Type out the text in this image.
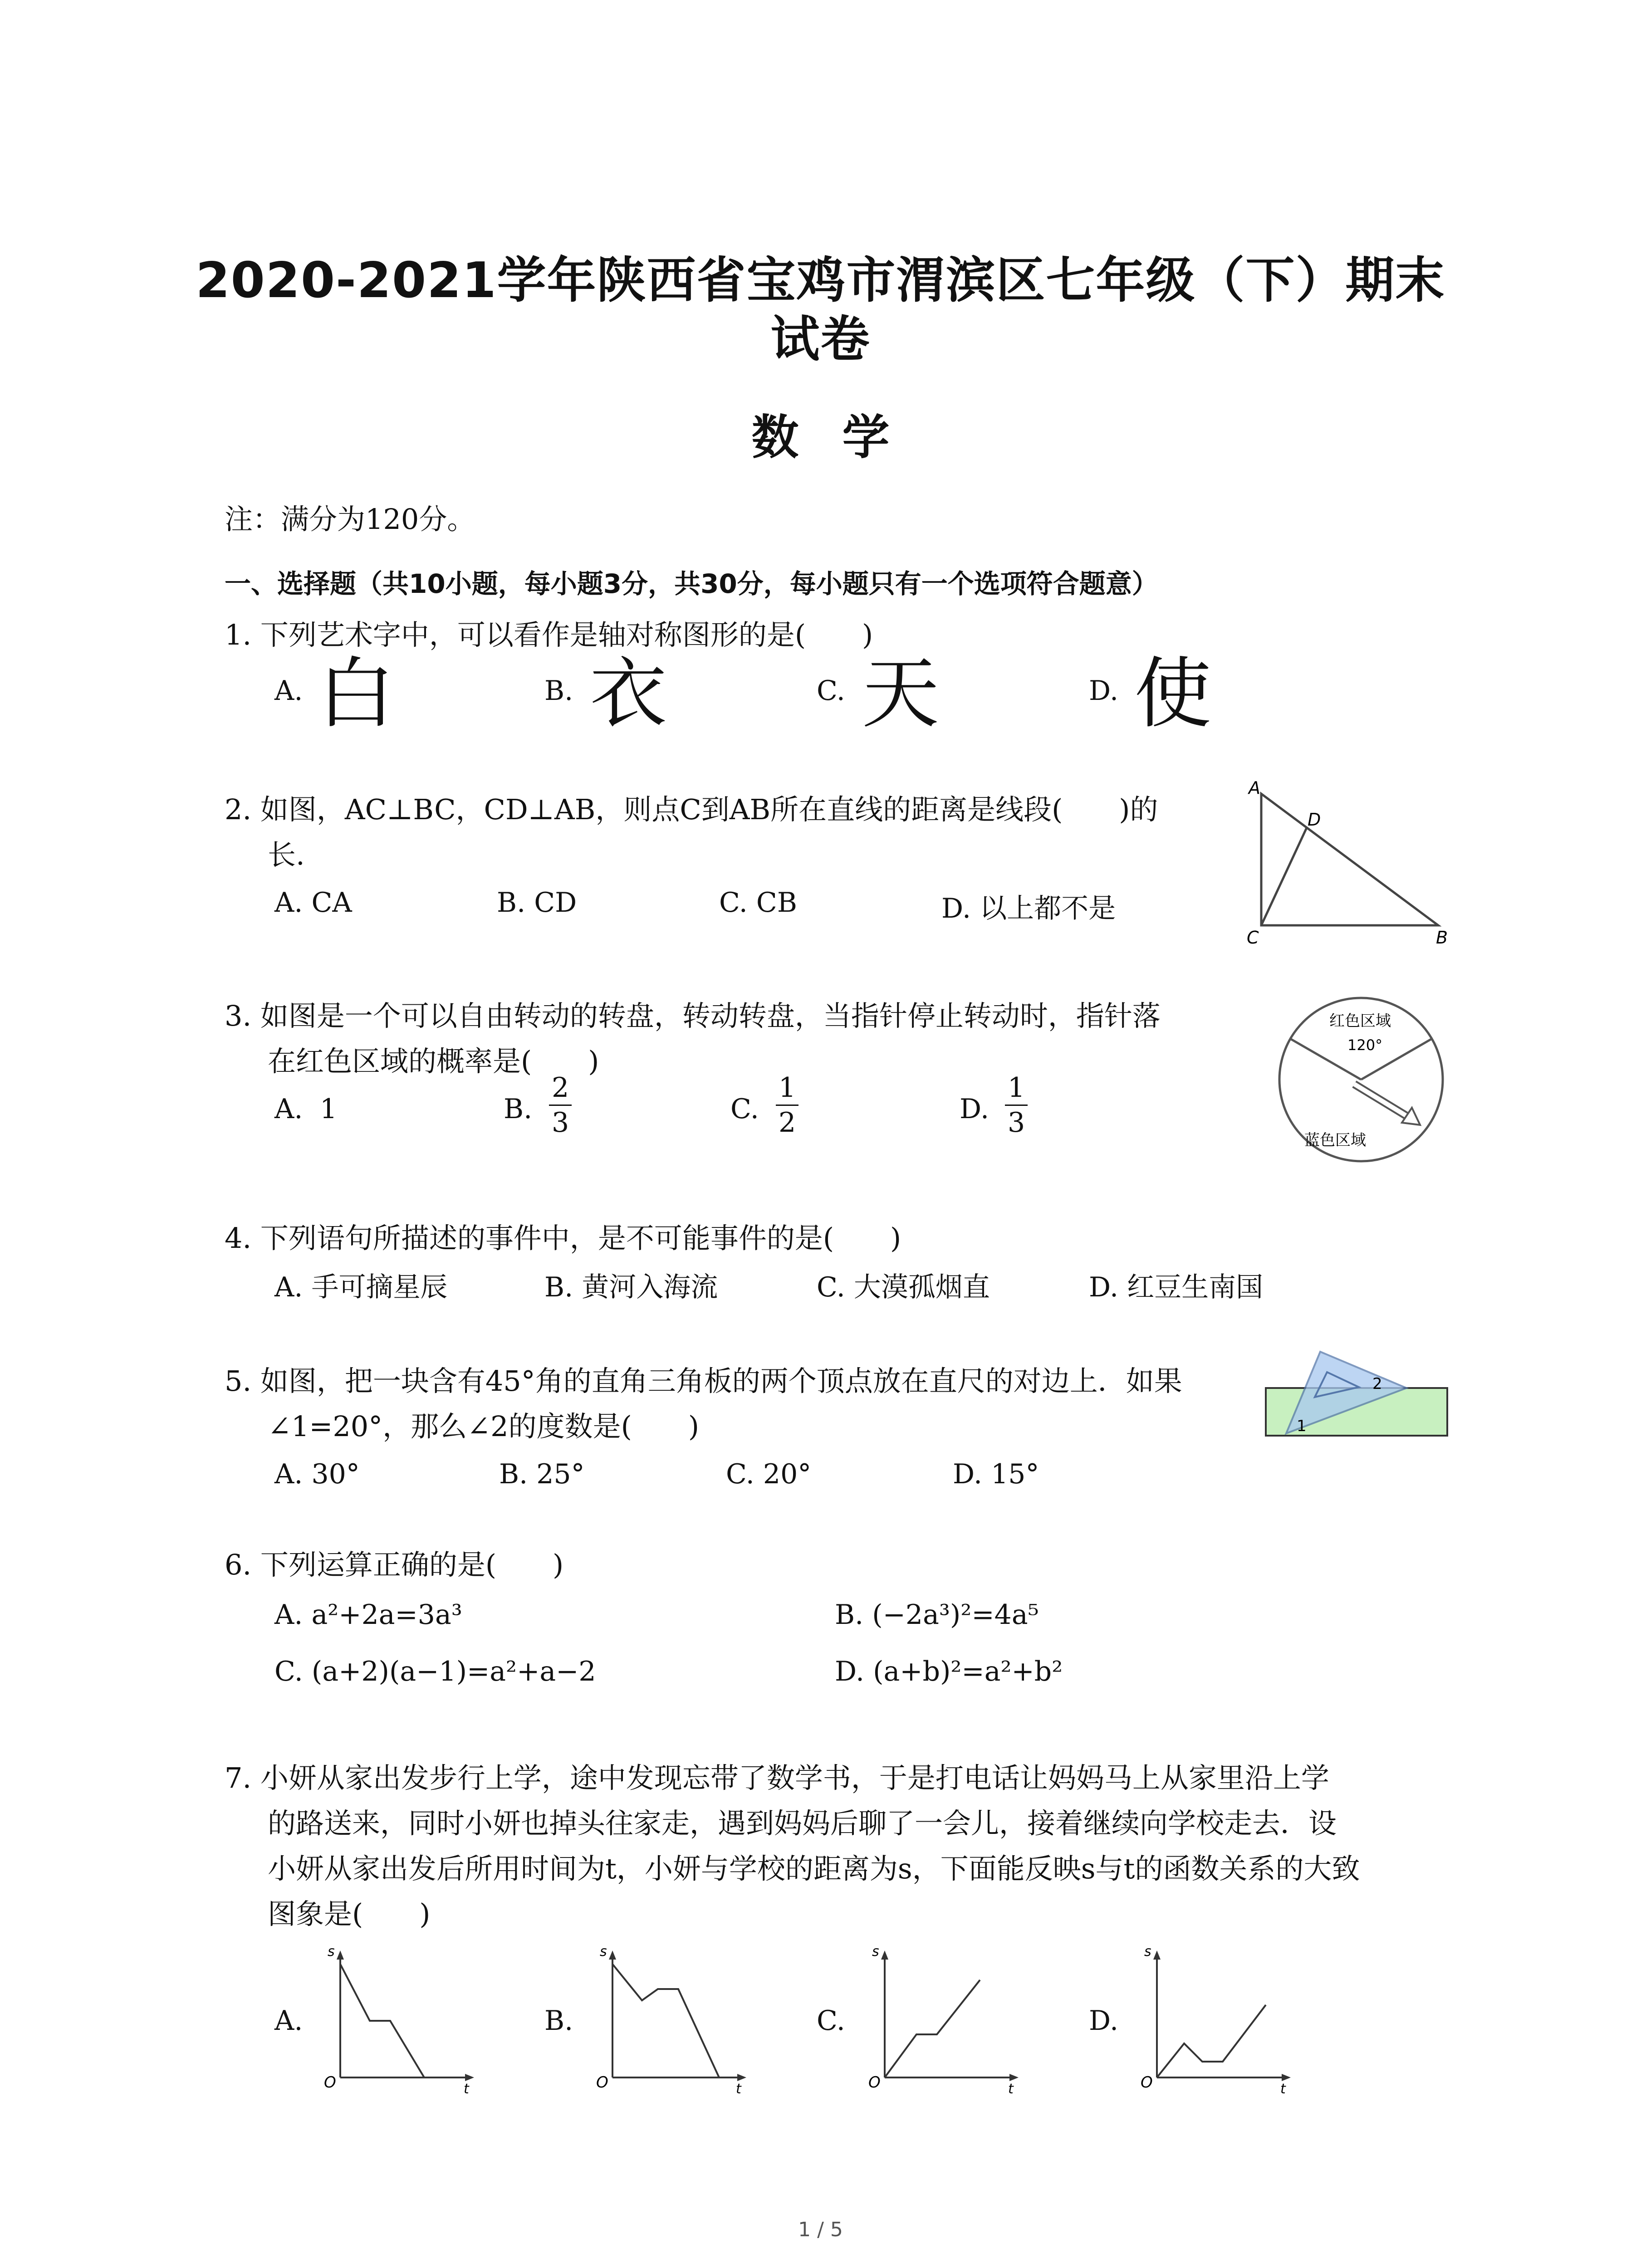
2020-2021学年陕西省宝鸡市渭滨区七年级（下）期末
试卷
数学
注：满分为120分。
一、选择题（共10小题，每小题3分，共30分，每小题只有一个选项符合题意）
1. 下列艺术字中，可以看作是轴对称图形的是(　　)
A. 白	B. 衣	C. 天	D. 使
2. 如图，AC⊥BC，CD⊥AB，则点C到AB所在直线的距离是线段(　　)的
长.
A. CA	B. CD	C. CB	D. 以上都不是
A
D
C	B
3. 如图是一个可以自由转动的转盘，转动转盘，当指针停止转动时，指针落
在红色区域的概率是(　　)
A. 1	B. $\frac{2}{3}$	C. $\frac{1}{2}$	D. $\frac{1}{3}$
红色区域
120°
蓝色区域
4. 下列语句所描述的事件中，是不可能事件的是(　　)
A. 手可摘星辰	B. 黄河入海流	C. 大漠孤烟直	D. 红豆生南国
5. 如图，把一块含有45°角的直角三角板的两个顶点放在直尺的对边上．如果
∠1=20°，那么∠2的度数是(　　)
A. 30°	B. 25°	C. 20°	D. 15°
2
1
6. 下列运算正确的是(　　)
A. a²+2a=3a³	B. (−2a³)²=4a⁵
C. (a+2)(a−1)=a²+a−2	D. (a+b)²=a²+b²
7. 小妍从家出发步行上学，途中发现忘带了数学书，于是打电话让妈妈马上从家里沿上学
的路送来，同时小妍也掉头往家走，遇到妈妈后聊了一会儿，接着继续向学校走去．设
小妍从家出发后所用时间为t，小妍与学校的距离为s，下面能反映s与t的函数关系的大致
图象是(　　)
A.	B.	C.	D.
O	t
s
O	t
s
O	t
s
O	t
s
1 / 5
